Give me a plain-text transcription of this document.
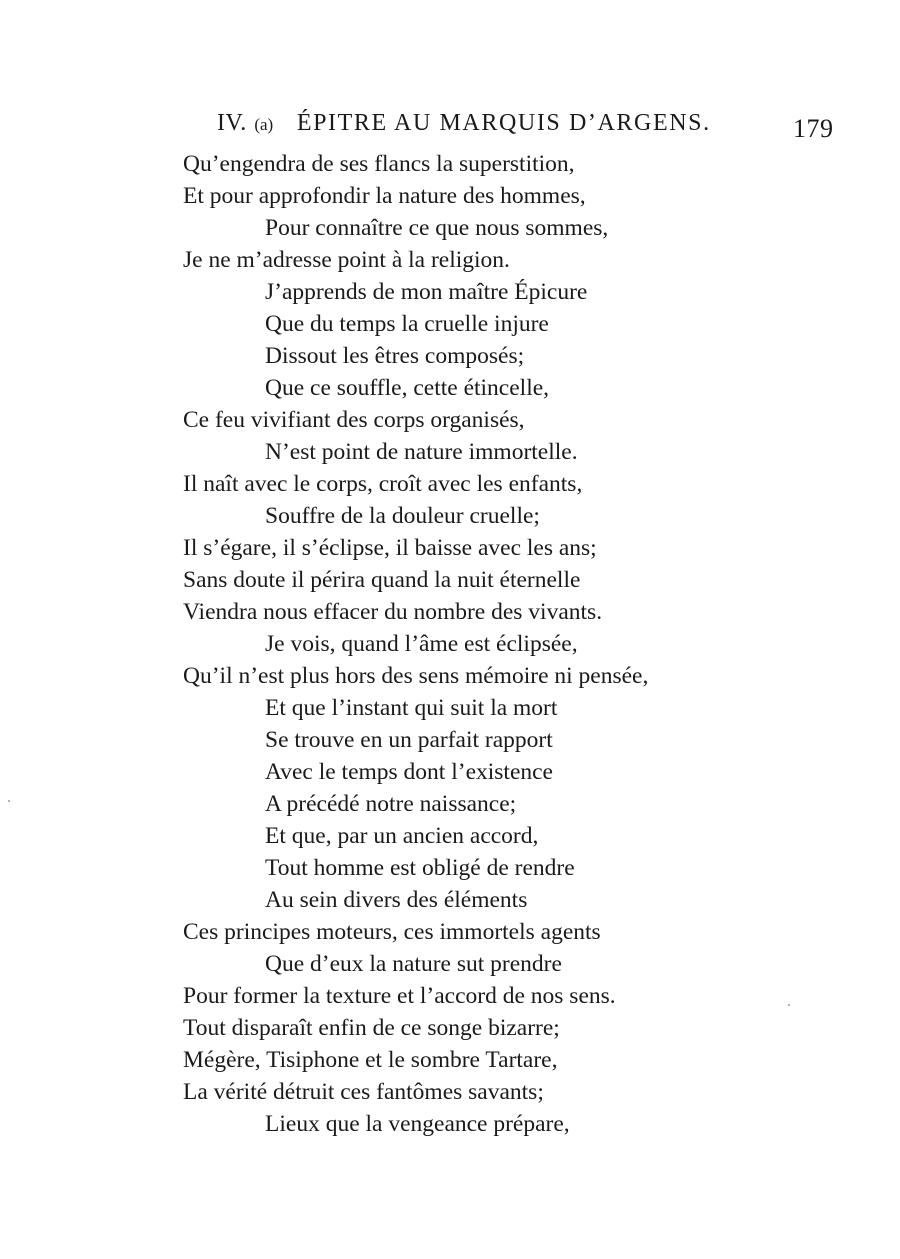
IV. (a) ÉPITRE AU MARQUIS D’ARGENS.	179
Qu’engendra de ses flancs la superstition,
Et pour approfondir la nature des hommes,
Pour connaître ce que nous sommes,
Je ne m’adresse point à la religion.
J’apprends de mon maître Épicure
Que du temps la cruelle injure
Dissout les êtres composés;
Que ce souffle, cette étincelle,
Ce feu vivifiant des corps organisés,
N’est point de nature immortelle.
Il naît avec le corps, croît avec les enfants,
Souffre de la douleur cruelle;
Il s’égare, il s’éclipse, il baisse avec les ans;
Sans doute il périra quand la nuit éternelle
Viendra nous effacer du nombre des vivants.
Je vois, quand l’âme est éclipsée,
Qu’il n’est plus hors des sens mémoire ni pensée,
Et que l’instant qui suit la mort
Se trouve en un parfait rapport
Avec le temps dont l’existence
A précédé notre naissance;
Et que, par un ancien accord,
Tout homme est obligé de rendre
Au sein divers des éléments
Ces principes moteurs, ces immortels agents
Que d’eux la nature sut prendre
Pour former la texture et l’accord de nos sens.
Tout disparaît enfin de ce songe bizarre;
Mégère, Tisiphone et le sombre Tartare,
La vérité détruit ces fantômes savants;
Lieux que la vengeance prépare,
